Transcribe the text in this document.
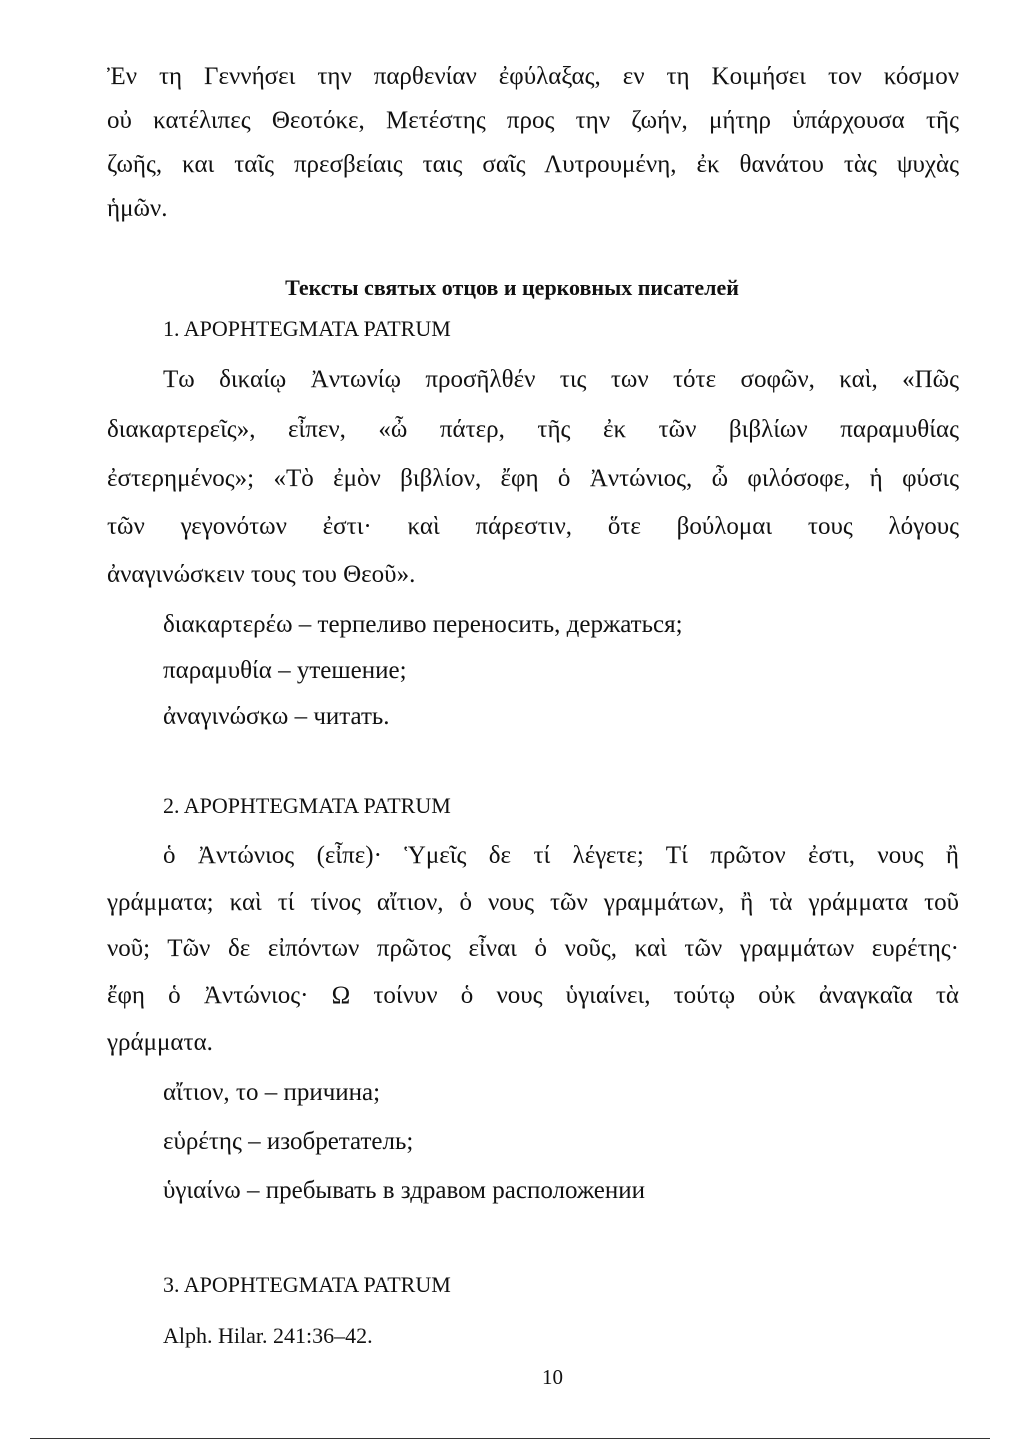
Ἐν τη Γεννήσει την παρθενίαν ἐφύλαξας, εν τη Κοιμήσει τον κόσμον
οὐ κατέλιπες Θεοτόκε, Μετέστης προς την ζωήν, μήτηρ ὑπάρχουσα τῆς
ζωῆς, και ταῖς πρεσβείαις ταις σαῖς Λυτρουμένη, ἐκ θανάτου τὰς ψυχὰς
ἡμῶν.
Тексты святых отцов и церковных писателей
1. APOPHTEGMATA PATRUM
Τω δικαίῳ Ἀντωνίῳ προσῆλθέν τις των τότε σοφῶν, καὶ, «Πῶς
διακαρτερεῖς», εἶπεν, «ὦ πάτερ, τῆς ἐκ τῶν βιβλίων παραμυθίας
ἐστερημένος»; «Τὸ ἐμὸν βιβλίον, ἔφη ὁ Ἀντώνιος, ὦ φιλόσοφε, ἡ φύσις
τῶν γεγονότων ἐστι· καὶ πάρεστιν, ὅτε βούλομαι τους λόγους
ἀναγινώσκειν τους του Θεοῦ».
διακαρτερέω – терпеливо переносить, держаться;
παραμυθία – утешение;
ἀναγινώσκω – читать.
2. APOPHTEGMATA PATRUM
ὁ Ἀντώνιος (εἶπε)· Ὑμεῖς δε τί λέγετε; Τί πρῶτον ἐστι, νους ἢ
γράμματα; καὶ τί τίνος αἴτιον, ὁ νους τῶν γραμμάτων, ἢ τὰ γράμματα τοῦ
νοῦ; Τῶν δε εἰπόντων πρῶτος εἶναι ὁ νοῦς, καὶ τῶν γραμμάτων ευρέτης·
ἔφη ὁ Ἀντώνιος· Ω τοίνυν ὁ νους ὑγιαίνει, τούτῳ οὐκ ἀναγκαῖα τὰ
γράμματα.
αἴτιον, το – причина;
εὑρέτης – изобретатель;
ὑγιαίνω – пребывать в здравом расположении
3. APOPHTEGMATA PATRUM
Alph. Hilar. 241:36–42.
10
